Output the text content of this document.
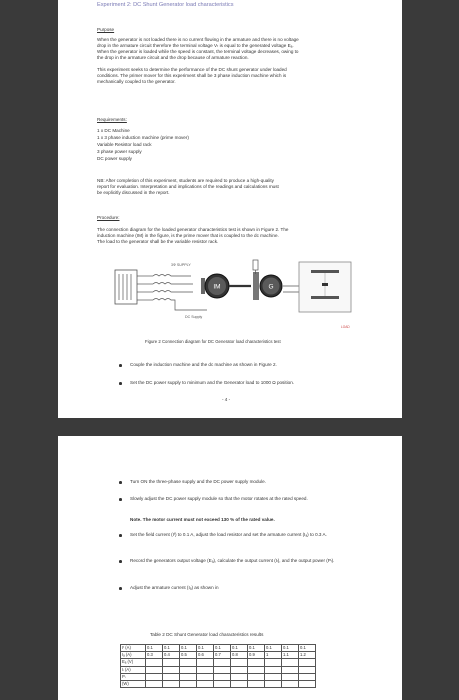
Experiment 2: DC Shunt Generator load characteristics
Purpose
When the generator is not loaded there is no current flowing in the armature and there is no voltage
drop in the armature circuit therefore the terminal voltage Vₜ is equal to the generated voltage Eₐ.
When the generator is loaded while the speed is constant, the terminal voltage decreases, owing to
the drop in the armature circuit and the drop because of armature reaction.
This experiment seeks to determine the performance of the DC shunt generator under loaded
conditions. The primer mover for this experiment shall be 3 phase induction machine which is
mechanically coupled to the generator.
Requirements:
1 x DC Machine
1 x 3 phase induction machine (prime mover)
Variable Resistor load rack
3 phase power supply
DC power supply
NB: After completion of this experiment, students are required to produce a high-quality
report for evaluation. Interpretation and implications of the readings and calculations must
be explicitly discussed in the report.
Procedure:
The connection diagram for the loaded generator characteristics test is shown in Figure 2. The
induction machine (IM) in the figure, is the prime mover that is coupled to the dc machine.
The load to the generator shall be the variable resistor rack.
3Φ SUPPLY
DC Supply
IM	G
LOAD
Figure 2 Connection diagram for DC Generator load characteristics test
Couple the induction machine and the dc machine as shown in Figure 2.
Set the DC power supply to minimum and the Generator load to 1000 Ω position.
- 4 -
Turn ON the three-phase supply and the DC power supply module.
Slowly adjust the DC power supply module so that the motor rotates at the rated speed.
Note. The motor current must not exceed 130 % of the rated value.
Set the field current (Iᶠ) to 0.1 A, adjust the load resistor and set the armature current (Iₐ) to 0.3 A.
Record the generators output voltage (Eₐ), calculate the output current (Iₗ), and the output power (Pₗ).
Adjust the armature current (Iₐ) as shown in
Table 2 DC Shunt Generator load characteristics results
Iᶠ (A)	0.1	0.1	0.1	0.1	0.1	0.1	0.1	0.1	0.1	0.1
Iₐ (A)	0.3	0.4	0.5	0.6	0.7	0.8	0.9	1	1.1	1.2
Eₐ (V)										
Iₗ (A)										
Pₗ										
(W)										
